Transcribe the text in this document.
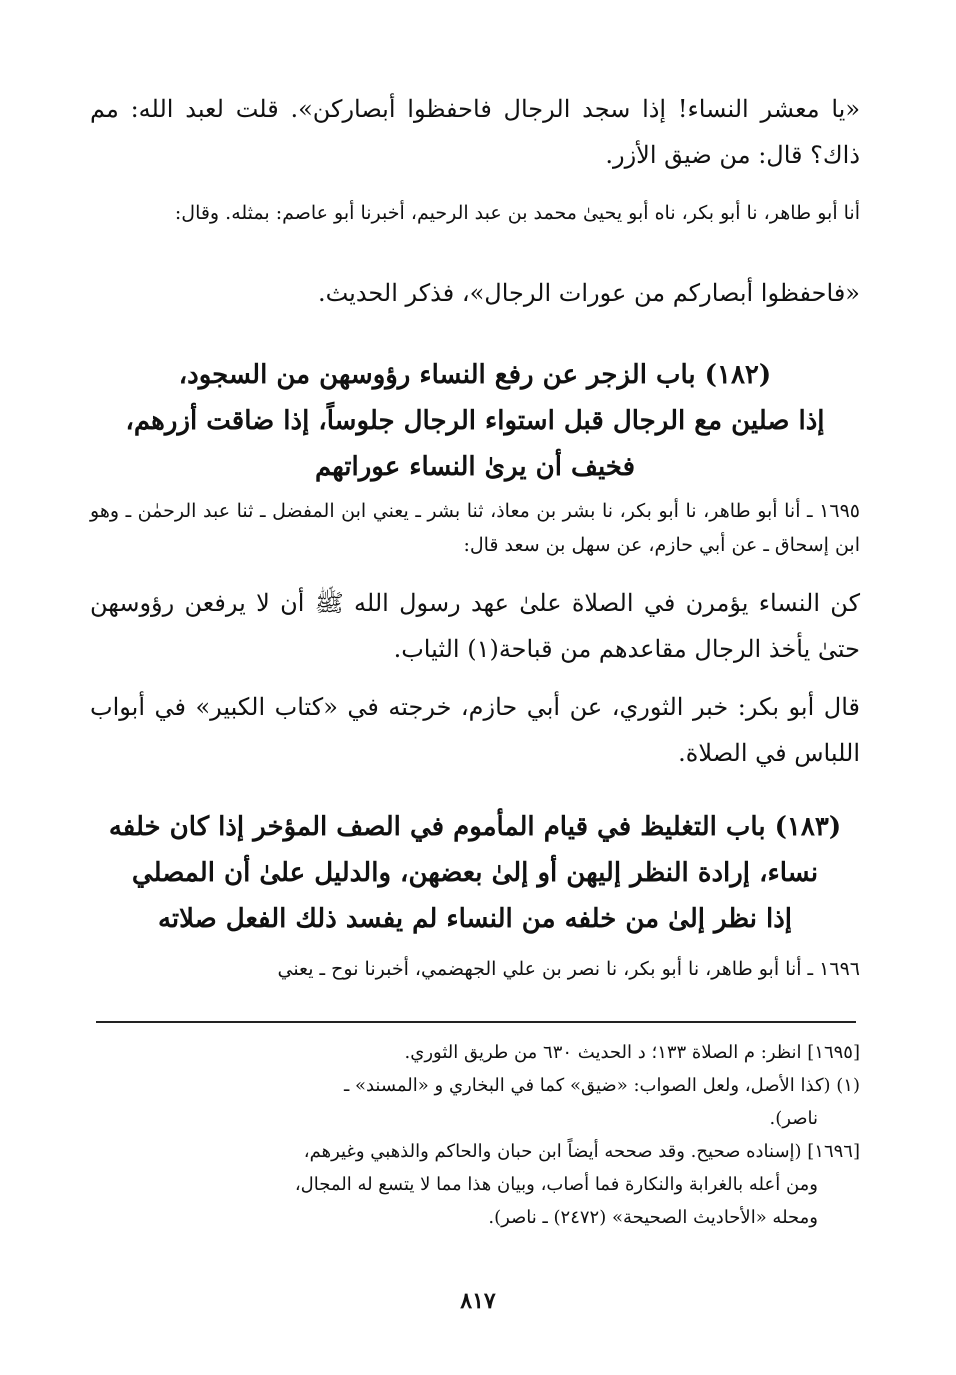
«يا معشر النساء! إذا سجد الرجال فاحفظوا أبصاركن». قلت لعبد الله: مم ذاك؟ قال: من ضيق الأزر.

أنا أبو طاهر، نا أبو بكر، ناه أبو يحيىٰ محمد بن عبد الرحيم، أخبرنا أبو عاصم: بمثله. وقال:

«فاحفظوا أبصاركم من عورات الرجال»، فذكر الحديث.

(١٨٢) باب الزجر عن رفع النساء رؤوسهن من السجود،
إذا صلين مع الرجال قبل استواء الرجال جلوساً، إذا ضاقت أزرهم،
فخيف أن يرىٰ النساء عوراتهم

١٦٩٥ ـ أنا أبو طاهر، نا أبو بكر، نا بشر بن معاذ، ثنا بشر ـ يعني ابن المفضل ـ ثنا عبد الرحمٰن ـ وهو ابن إسحاق ـ عن أبي حازم، عن سهل بن سعد قال:

كن النساء يؤمرن في الصلاة علىٰ عهد رسول الله ﷺ أن لا يرفعن رؤوسهن حتىٰ يأخذ الرجال مقاعدهم من قباحة(١) الثياب.

قال أبو بكر: خبر الثوري، عن أبي حازم، خرجته في «كتاب الكبير» في أبواب اللباس في الصلاة.

(١٨٣) باب التغليظ في قيام المأموم في الصف المؤخر إذا كان خلفه
نساء، إرادة النظر إليهن أو إلىٰ بعضهن، والدليل علىٰ أن المصلي
إذا نظر إلىٰ من خلفه من النساء لم يفسد ذلك الفعل صلاته

١٦٩٦ ـ أنا أبو طاهر، نا أبو بكر، نا نصر بن علي الجهضمي، أخبرنا نوح ـ يعني

[١٦٩٥] انظر: م الصلاة ١٣٣؛ د الحديث ٦٣٠ من طريق الثوري.
(١) (كذا الأصل، ولعل الصواب: «ضيق» كما في البخاري و «المسند» ـ
ناصر).
[١٦٩٦] (إسناده صحيح. وقد صححه أيضاً ابن حبان والحاكم والذهبي وغيرهم،
ومن أعله بالغرابة والنكارة فما أصاب، وبيان هذا مما لا يتسع له المجال،
ومحله «الأحاديث الصحيحة» (٢٤٧٢) ـ ناصر).
٨١٧
